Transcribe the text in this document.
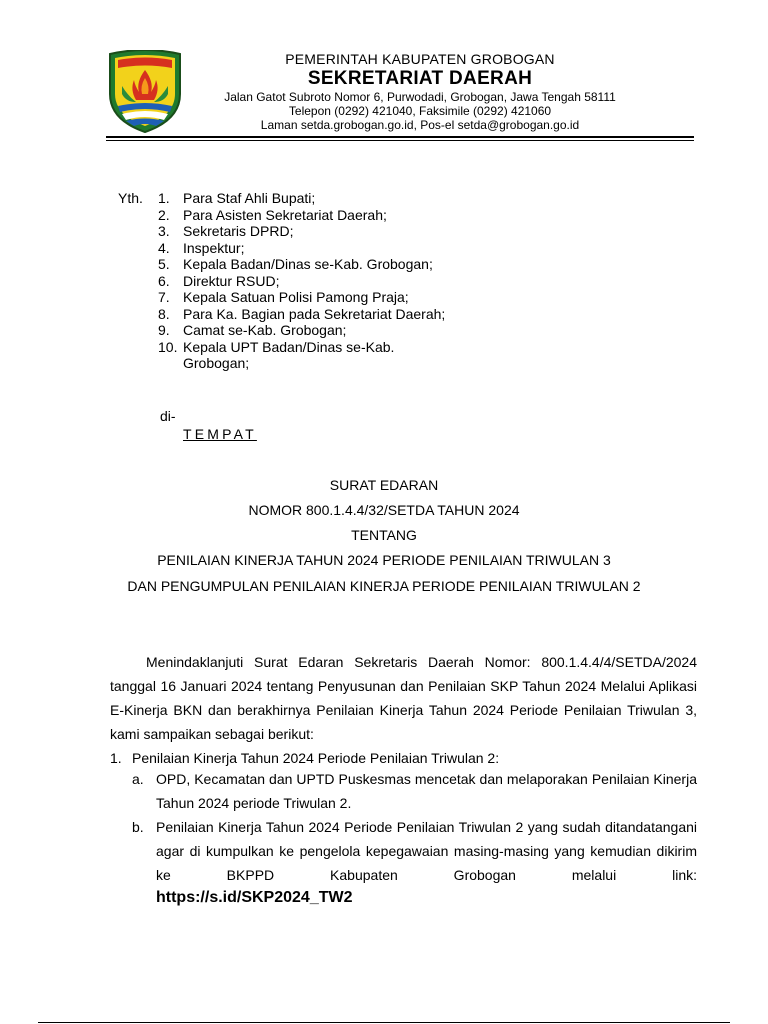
PEMERINTAH KABUPATEN GROBOGAN
SEKRETARIAT DAERAH
Jalan Gatot Subroto Nomor 6, Purwodadi, Grobogan, Jawa Tengah 58111
Telepon (0292) 421040, Faksimile (0292) 421060
Laman setda.grobogan.go.id, Pos-el setda@grobogan.go.id
Yth. 1. Para Staf Ahli Bupati;
2. Para Asisten Sekretariat Daerah;
3. Sekretaris DPRD;
4. Inspektur;
5. Kepala Badan/Dinas se-Kab. Grobogan;
6. Direktur RSUD;
7. Kepala Satuan Polisi Pamong Praja;
8. Para Ka. Bagian pada Sekretariat Daerah;
9. Camat se-Kab. Grobogan;
10. Kepala UPT Badan/Dinas se-Kab. Grobogan;
di-
TEMPAT
SURAT EDARAN
NOMOR 800.1.4.4/32/SETDA TAHUN 2024
TENTANG
PENILAIAN KINERJA TAHUN 2024 PERIODE PENILAIAN TRIWULAN 3
DAN PENGUMPULAN PENILAIAN KINERJA PERIODE PENILAIAN TRIWULAN 2
Menindaklanjuti Surat Edaran Sekretaris Daerah Nomor: 800.1.4.4/4/SETDA/2024 tanggal 16 Januari 2024 tentang Penyusunan dan Penilaian SKP Tahun 2024 Melalui Aplikasi E-Kinerja BKN dan berakhirnya Penilaian Kinerja Tahun 2024 Periode Penilaian Triwulan 3, kami sampaikan sebagai berikut:
1. Penilaian Kinerja Tahun 2024 Periode Penilaian Triwulan 2:
a. OPD, Kecamatan dan UPTD Puskesmas mencetak dan melaporakan Penilaian Kinerja Tahun 2024 periode Triwulan 2.
b. Penilaian Kinerja Tahun 2024 Periode Penilaian Triwulan 2 yang sudah ditandatangani agar di kumpulkan ke pengelola kepegawaian masing-masing yang kemudian dikirim ke BKPPD Kabupaten Grobogan melalui link:
https://s.id/SKP2024_TW2
